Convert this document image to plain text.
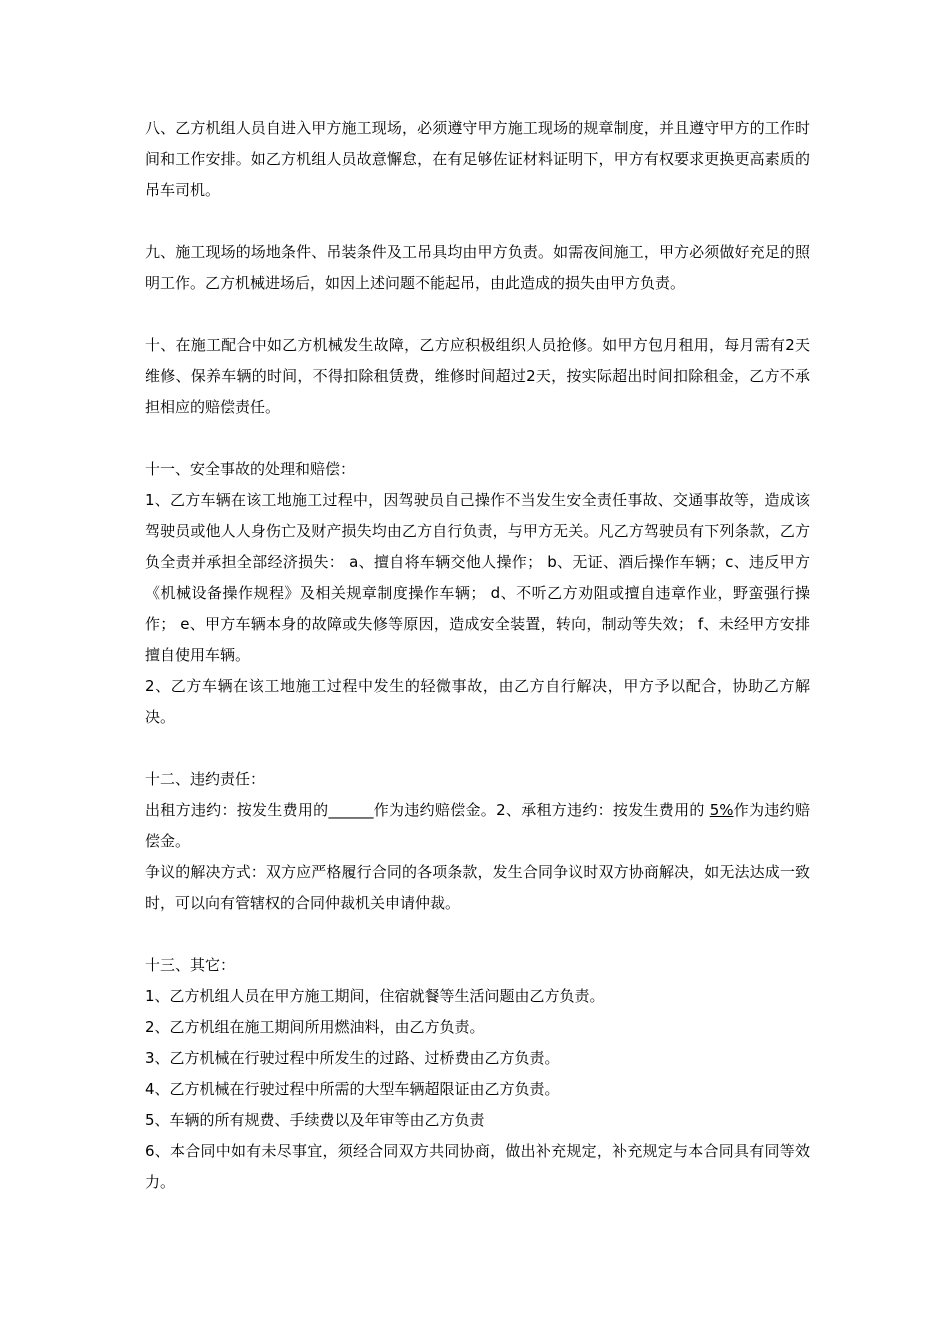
八、乙方机组人员自进入甲方施工现场，必须遵守甲方施工现场的规章制度，并且遵守甲方的工作时间和工作安排。如乙方机组人员故意懈怠，在有足够佐证材料证明下，甲方有权要求更换更高素质的吊车司机。

九、施工现场的场地条件、吊装条件及工吊具均由甲方负责。如需夜间施工，甲方必须做好充足的照明工作。乙方机械进场后，如因上述问题不能起吊，由此造成的损失由甲方负责。

十、在施工配合中如乙方机械发生故障，乙方应积极组织人员抢修。如甲方包月租用，每月需有2天维修、保养车辆的时间，不得扣除租赁费，维修时间超过2天，按实际超出时间扣除租金，乙方不承担相应的赔偿责任。

十一、安全事故的处理和赔偿：

1、乙方车辆在该工地施工过程中，因驾驶员自己操作不当发生安全责任事故、交通事故等，造成该驾驶员或他人人身伤亡及财产损失均由乙方自行负责，与甲方无关。凡乙方驾驶员有下列条款，乙方负全责并承担全部经济损失： a、擅自将车辆交他人操作； b、无证、酒后操作车辆；c、违反甲方《机械设备操作规程》及相关规章制度操作车辆； d、不听乙方劝阻或擅自违章作业，野蛮强行操作； e、甲方车辆本身的故障或失修等原因，造成安全装置，转向，制动等失效； f、未经甲方安排擅自使用车辆。

2、乙方车辆在该工地施工过程中发生的轻微事故，由乙方自行解决，甲方予以配合，协助乙方解决。

十二、违约责任：

出租方违约：按发生费用的______作为违约赔偿金。2、承租方违约：按发生费用的 5%作为违约赔偿金。

争议的解决方式：双方应严格履行合同的各项条款，发生合同争议时双方协商解决，如无法达成一致时，可以向有管辖权的合同仲裁机关申请仲裁。

十三、其它：

1、乙方机组人员在甲方施工期间，住宿就餐等生活问题由乙方负责。

2、乙方机组在施工期间所用燃油料，由乙方负责。

3、乙方机械在行驶过程中所发生的过路、过桥费由乙方负责。

4、乙方机械在行驶过程中所需的大型车辆超限证由乙方负责。

5、车辆的所有规费、手续费以及年审等由乙方负责

6、本合同中如有未尽事宜，须经合同双方共同协商，做出补充规定，补充规定与本合同具有同等效力。
